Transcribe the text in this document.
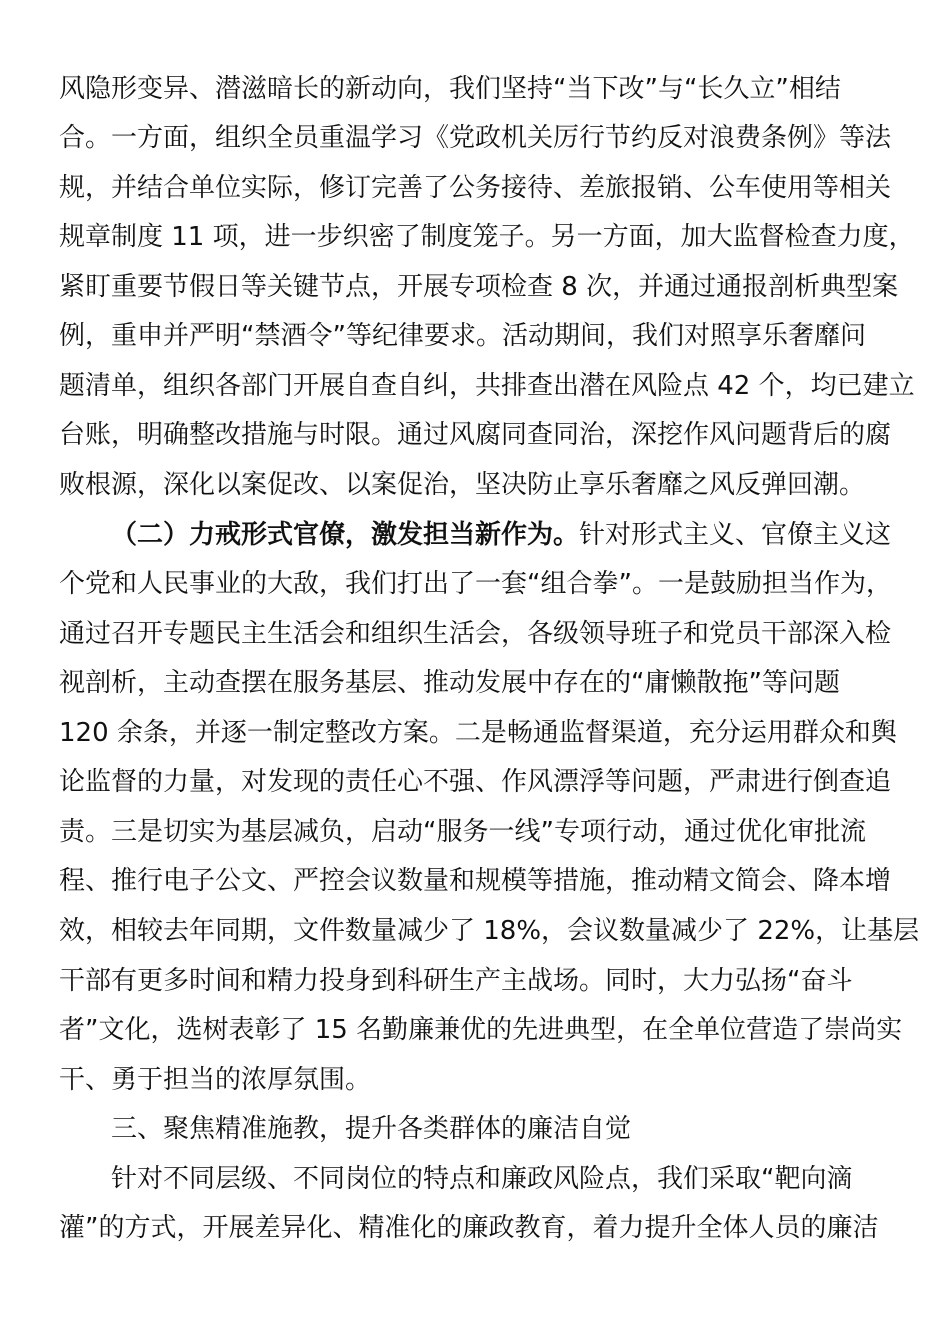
风隐形变异、潜滋暗长的新动向，我们坚持“当下改”与“长久立”相结
合。一方面，组织全员重温学习《党政机关厉行节约反对浪费条例》等法
规，并结合单位实际，修订完善了公务接待、差旅报销、公车使用等相关
规章制度 11 项，进一步织密了制度笼子。另一方面，加大监督检查力度，
紧盯重要节假日等关键节点，开展专项检查 8 次，并通过通报剖析典型案
例，重申并严明“禁酒令”等纪律要求。活动期间，我们对照享乐奢靡问
题清单，组织各部门开展自查自纠，共排查出潜在风险点 42 个，均已建立
台账，明确整改措施与时限。通过风腐同查同治，深挖作风问题背后的腐
败根源，深化以案促改、以案促治，坚决防止享乐奢靡之风反弹回潮。
（二）力戒形式官僚，激发担当新作为。针对形式主义、官僚主义这
个党和人民事业的大敌，我们打出了一套“组合拳”。一是鼓励担当作为，
通过召开专题民主生活会和组织生活会，各级领导班子和党员干部深入检
视剖析，主动查摆在服务基层、推动发展中存在的“庸懒散拖”等问题
120 余条，并逐一制定整改方案。二是畅通监督渠道，充分运用群众和舆
论监督的力量，对发现的责任心不强、作风漂浮等问题，严肃进行倒查追
责。三是切实为基层减负，启动“服务一线”专项行动，通过优化审批流
程、推行电子公文、严控会议数量和规模等措施，推动精文简会、降本增
效，相较去年同期，文件数量减少了 18%，会议数量减少了 22%，让基层
干部有更多时间和精力投身到科研生产主战场。同时，大力弘扬“奋斗
者”文化，选树表彰了 15 名勤廉兼优的先进典型，在全单位营造了崇尚实
干、勇于担当的浓厚氛围。
三、聚焦精准施教，提升各类群体的廉洁自觉
针对不同层级、不同岗位的特点和廉政风险点，我们采取“靶向滴
灌”的方式，开展差异化、精准化的廉政教育，着力提升全体人员的廉洁
